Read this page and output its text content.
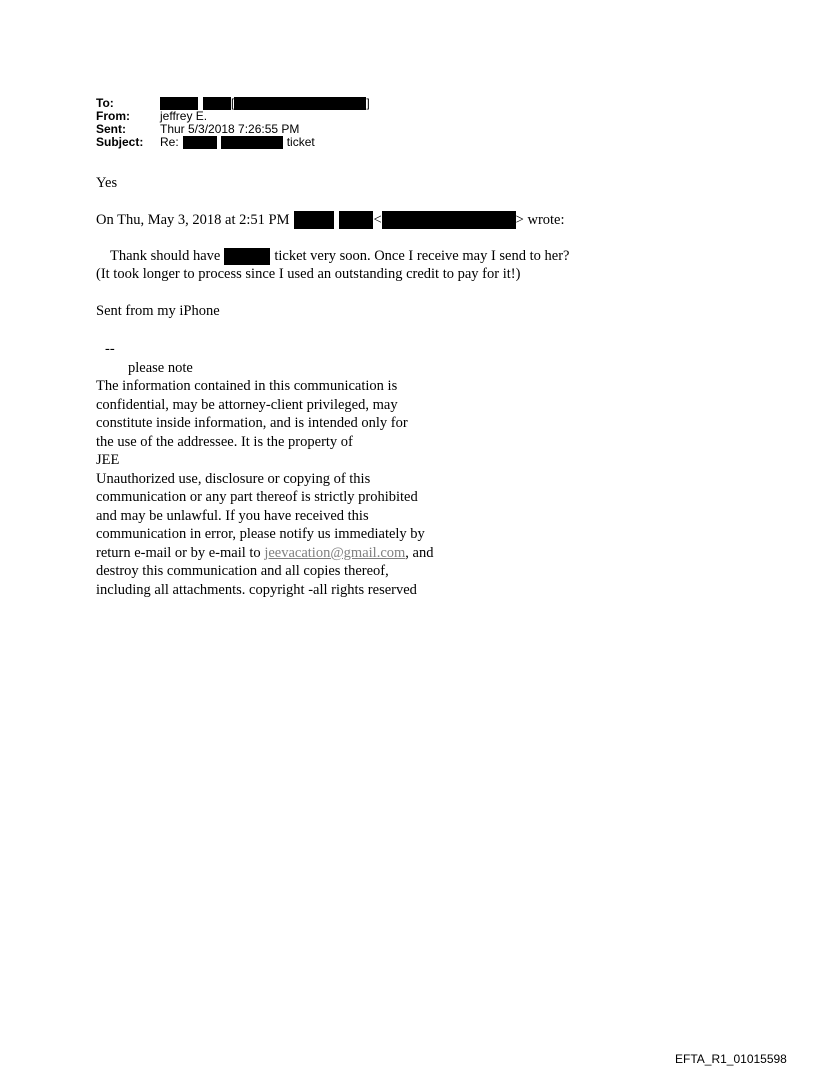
To:	[	]
From:	jeffrey E.
Sent:	Thur 5/3/2018 7:26:55 PM
Subject:	Re:	ticket
Yes
On Thu, May 3, 2018 at 2:51 PM	<	> wrote:
Thank should have	ticket very soon. Once I receive may I send to her?
(It took longer to process since I used an outstanding credit to pay for it!)
Sent from my iPhone
--
please note
The information contained in this communication is
confidential, may be attorney-client privileged, may
constitute inside information, and is intended only for
the use of the addressee. It is the property of
JEE
Unauthorized use, disclosure or copying of this
communication or any part thereof is strictly prohibited
and may be unlawful. If you have received this
communication in error, please notify us immediately by
return e-mail or by e-mail to jeevacation@gmail.com, and
destroy this communication and all copies thereof,
including all attachments. copyright -all rights reserved
EFTA_R1_01015598
